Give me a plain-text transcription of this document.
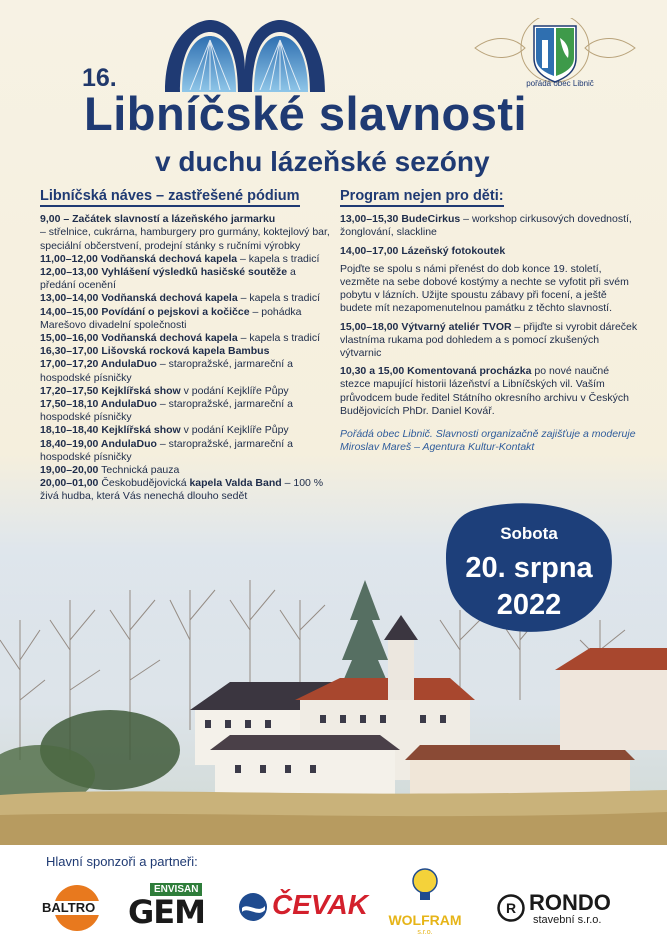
16.
Libníčské slavnosti
v duchu lázeňské sezóny
pořádá obec Libnič
Libníčská náves – zastřešené pódium
9,00 – Začátek slavností a lázeňského jarmarku
– střelnice, cukrárna, hamburgery pro gurmány, koktejlový bar, speciální občerstvení, prodejní stánky s ručními výrobky
11,00–12,00 Vodňanská dechová kapela – kapela s tradicí
12,00–13,00 Vyhlášení výsledků hasičské soutěže a předání ocenění
13,00–14,00 Vodňanská dechová kapela – kapela s tradicí
14,00–15,00 Povídání o pejskovi a kočičce – pohádka Marešovo divadelní společnosti
15,00–16,00 Vodňanská dechová kapela – kapela s tradicí
16,30–17,00 Lišovská rocková kapela Bambus
17,00–17,20 AndulaDuo – staropražské, jarmareční a hospodské písničky
17,20–17,50 Kejklířská show v podání Kejklíře Půpy
17,50–18,10 AndulaDuo – staropražské, jarmareční a hospodské písničky
18,10–18,40 Kejklířská show v podání Kejklíře Půpy
18,40–19,00 AndulaDuo – staropražské, jarmareční a hospodské písničky
19,00–20,00 Technická pauza
20,00–01,00 Českobudějovická kapela Valda Band – 100 % živá hudba, která Vás nenechá dlouho sedět
Program nejen pro děti:
13,00–15,30 BudeCirkus – workshop cirkusových dovedností, žonglování, slackline
14,00–17,00 Lázeňský fotokoutek
Pojďte se spolu s námi přenést do dob konce 19. století, vezměte na sebe dobové kostýmy a nechte se vyfotit při svém pobytu v lázních. Užijte spoustu zábavy při focení, a ještě budete mít nezapomenutelnou památku z těchto slavností.
15,00–18,00 Výtvarný ateliér TVOR – přijďte si vyrobit dáreček vlastníma rukama pod dohledem a s pomocí zkušených výtvarnic
10,30 a 15,00 Komentovaná procházka po nové naučné stezce mapující historii lázeňství a Libníčských vil. Vaším průvodcem bude ředitel Státního okresního archivu v Českých Budějovicích PhDr. Daniel Kovář.
Pořádá obec Libnič. Slavnosti organizačně zajišťuje a moderuje Miroslav Mareš – Agentura Kultur-Kontakt
Sobota
20. srpna
2022
Hlavní sponzoři a partneři:
BALTRO
ENVISAN
GEM ČEVAK	WOLFRAM
s.r.o.
R RONDO
stavební s.r.o.
